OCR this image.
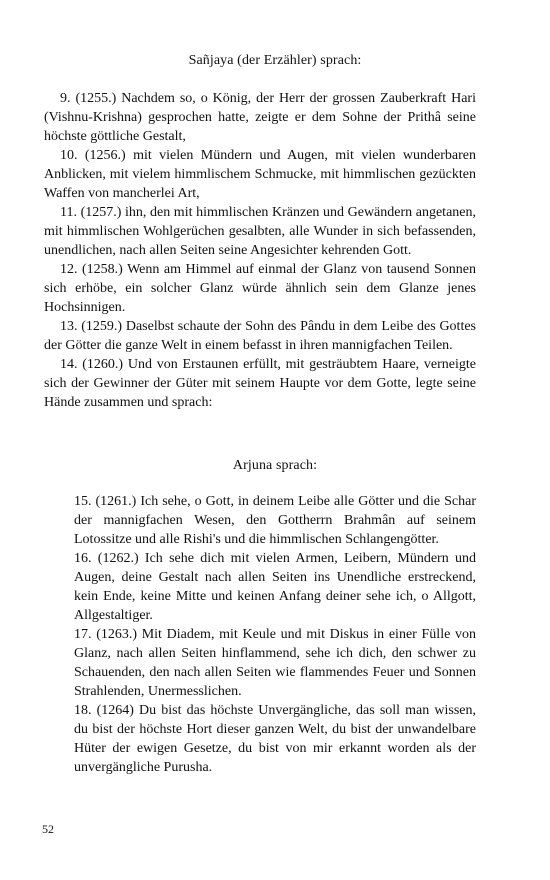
Sañjaya (der Erzähler) sprach:

9. (1255.) Nachdem so, o König, der Herr der grossen Zauberkraft Hari (Vishnu-Krishna) gesprochen hatte, zeigte er dem Sohne der Prithâ seine höchste göttliche Gestalt,

10. (1256.) mit vielen Mündern und Augen, mit vielen wunderbaren Anblicken, mit vielem himmlischem Schmucke, mit himmlischen gezückten Waffen von mancherlei Art,

11. (1257.) ihn, den mit himmlischen Kränzen und Gewändern angetanen, mit himmlischen Wohlgerüchen gesalbten, alle Wunder in sich befassenden, unendlichen, nach allen Seiten seine Angesichter kehrenden Gott.

12. (1258.) Wenn am Himmel auf einmal der Glanz von tausend Sonnen sich erhöbe, ein solcher Glanz würde ähnlich sein dem Glanze jenes Hochsinnigen.

13. (1259.) Daselbst schaute der Sohn des Pându in dem Leibe des Gottes der Götter die ganze Welt in einem befasst in ihren mannigfachen Teilen.

14. (1260.) Und von Erstaunen erfüllt, mit gesträubtem Haare, verneigte sich der Gewinner der Güter mit seinem Haupte vor dem Gotte, legte seine Hände zusammen und sprach:

Arjuna sprach:

15. (1261.) Ich sehe, o Gott, in deinem Leibe alle Götter und die Schar der mannigfachen Wesen, den Gottherrn Brahmân auf seinem Lotossitze und alle Rishi's und die himmlischen Schlangengötter.

16. (1262.) Ich sehe dich mit vielen Armen, Leibern, Mündern und Augen, deine Gestalt nach allen Seiten ins Unendliche erstreckend, kein Ende, keine Mitte und keinen Anfang deiner sehe ich, o Allgott, Allgestaltiger.

17. (1263.) Mit Diadem, mit Keule und mit Diskus in einer Fülle von Glanz, nach allen Seiten hinflammend, sehe ich dich, den schwer zu Schauenden, den nach allen Seiten wie flammendes Feuer und Sonnen Strahlenden, Unermesslichen.

18. (1264) Du bist das höchste Unvergängliche, das soll man wissen, du bist der höchste Hort dieser ganzen Welt, du bist der unwandelbare Hüter der ewigen Gesetze, du bist von mir erkannt worden als der unvergängliche Purusha.

52
